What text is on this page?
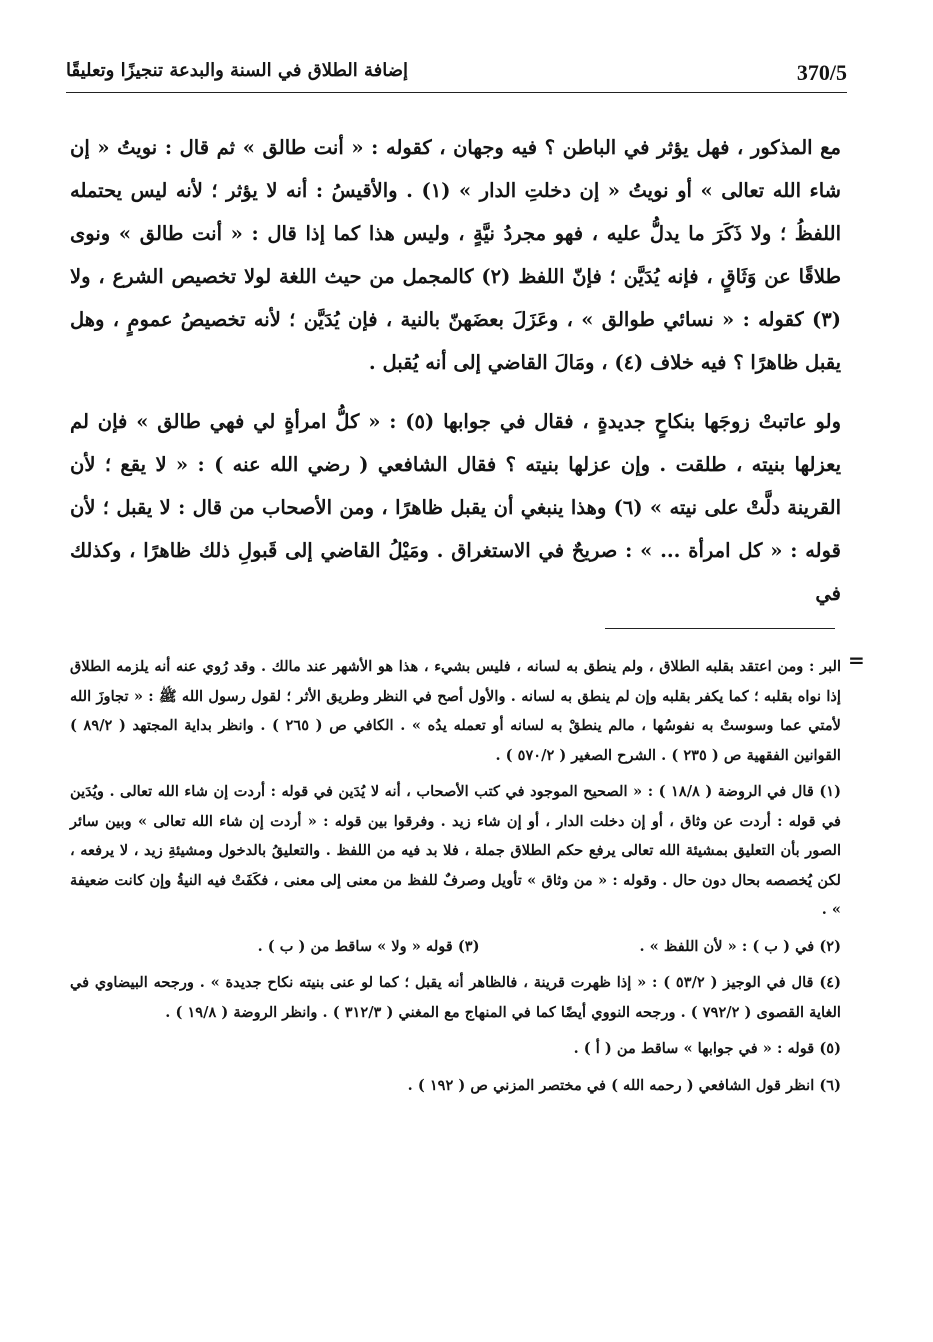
370/5
إضافة الطلاق في السنة والبدعة تنجيزًا وتعليقًا

مع المذكور ، فهل يؤثر في الباطن ؟ فيه وجهان ، كقوله : « أنت طالق » ثم قال : نويتُ « إن شاء الله تعالى » أو نويتُ « إن دخلتِ الدار » (١) . والأقيسُ : أنه لا يؤثر ؛ لأنه ليس يحتمله اللفظُ ؛ ولا ذَكَرَ ما يدلُّ عليه ، فهو مجردُ نيَّةٍ ، وليس هذا كما إذا قال : « أنت طالق » ونوى طلاقًا عن وَثَاقٍ ، فإنه يُدَيَّن ؛ فإنّ اللفظ (٢) كالمجمل من حيث اللغة لولا تخصيص الشرع ، ولا (٣) كقوله : « نسائي طوالق » ، وعَزَلَ بعضَهنّ بالنية ، فإن يُدَيَّن ؛ لأنه تخصيصُ عمومٍ ، وهل يقبل ظاهرًا ؟ فيه خلاف (٤) ، ومَالَ القاضي إلى أنه يُقبل .

ولو عاتبتْ زوجَها بنكاحٍ جديدةٍ ، فقال في جوابها (٥) : « كلُّ امرأةٍ لي فهي طالق » فإن لم يعزلها بنيته ، طلقت . وإن عزلها بنيته ؟ فقال الشافعي ( رضي الله عنه ) : « لا يقع ؛ لأن القرينة دلَّتْ على نيته » (٦) وهذا ينبغي أن يقبل ظاهرًا ، ومن الأصحاب من قال : لا يقبل ؛ لأن قوله : « كل امرأة ... » : صريحٌ في الاستغراق . ومَيْلُ القاضي إلى قَبولِ ذلك ظاهرًا ، وكذلك في

=

البر : ومن اعتقد بقلبه الطلاق ، ولم ينطق به لسانه ، فليس بشيء ، هذا هو الأشهر عند مالك . وقد رُوي عنه أنه يلزمه الطلاق إذا نواه بقلبه ؛ كما يكفر بقلبه وإن لم ينطق به لسانه . والأول أصح في النظر وطريق الأثر ؛ لقول رسول الله ﷺ : « تجاوزَ الله لأمتي عما وسوستْ به نفوسُها ، مالم ينطقْ به لسانه أو تعمله يدُه » . الكافي ص ( ٢٦٥ ) . وانظر بداية المجتهد ( ٨٩/٢ ) القوانين الفقهية ص ( ٢٣٥ ) . الشرح الصغير ( ٥٧٠/٢ ) .

(١) قال في الروضة ( ١٨/٨ ) : « الصحيح الموجود في كتب الأصحاب ، أنه لا يُدَين في قوله : أردت إن شاء الله تعالى . ويُدَين في قوله : أردت عن وثاق ، أو إن دخلت الدار ، أو إن شاء زيد . وفرقوا بين قوله : « أردت إن شاء الله تعالى » وبين سائر الصور بأن التعليق بمشيئة الله تعالى يرفع حكم الطلاق جملة ، فلا بد فيه من اللفظ . والتعليقُ بالدخول ومشيئةِ زيد ، لا يرفعه ، لكن يُخصصه بحال دون حال . وقوله : « من وثاق » تأويل وصرفٌ للفظ من معنى إلى معنى ، فكَفَتْ فيه النيةُ وإن كانت ضعيفة » .

(٢) في ( ب ) : « لأن اللفظ » .
(٣) قوله « ولا » ساقط من ( ب ) .

(٤) قال في الوجيز ( ٥٣/٢ ) : « إذا ظهرت قرينة ، فالظاهر أنه يقبل ؛ كما لو عنى بنيته نكاح جديدة » . ورجحه البيضاوي في الغاية القصوى ( ٧٩٢/٢ ) . ورجحه النووي أيضًا كما في المنهاج مع المغني ( ٣١٢/٣ ) . وانظر الروضة ( ١٩/٨ ) .

(٥) قوله : « في جوابها » ساقط من ( أ ) .

(٦) انظر قول الشافعي ( رحمه الله ) في مختصر المزني ص ( ١٩٢ ) .
